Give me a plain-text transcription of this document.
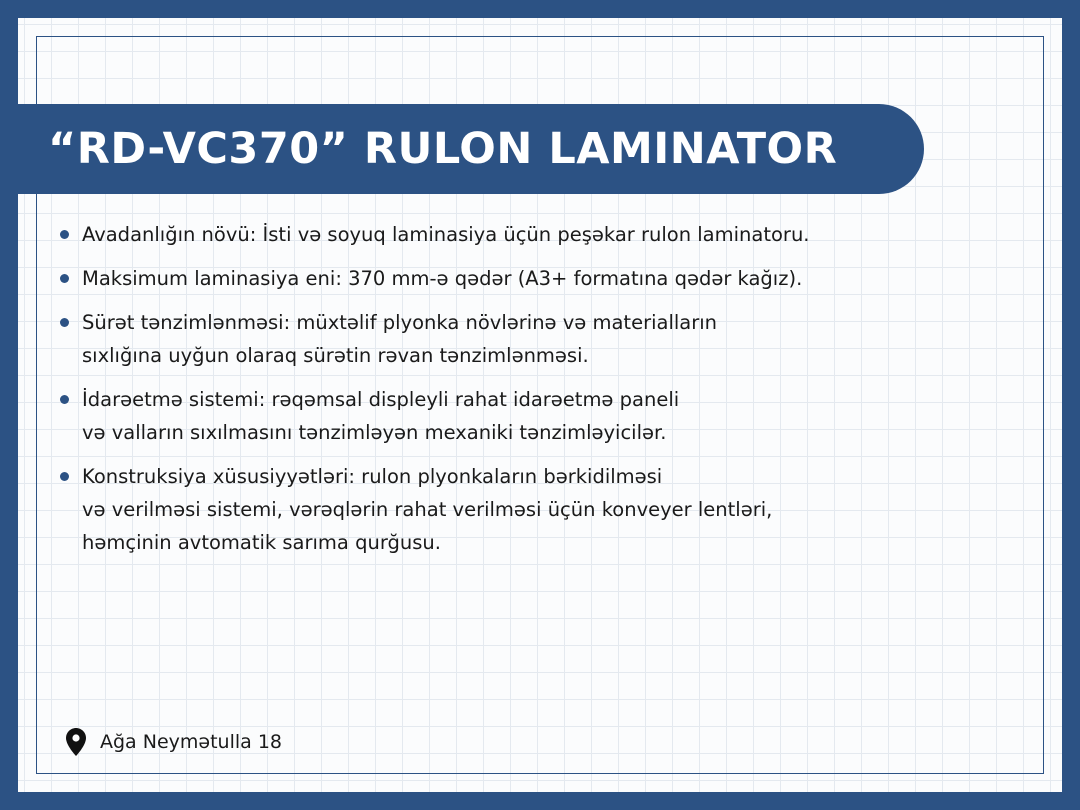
“RD-VC370” RULON LAMINATOR
Avadanlığın növü: İsti və soyuq laminasiya üçün peşəkar rulon laminatoru.
Maksimum laminasiya eni: 370 mm-ə qədər (A3+ formatına qədər kağız).
Sürət tənzimlənməsi: müxtəlif plyonka növlərinə və materialların
sıxlığına uyğun olaraq sürətin rəvan tənzimlənməsi.
İdarəetmə sistemi: rəqəmsal displeyli rahat idarəetmə paneli
və valların sıxılmasını tənzimləyən mexaniki tənzimləyicilər.
Konstruksiya xüsusiyyətləri: rulon plyonkaların bərkidilməsi
və verilməsi sistemi, vərəqlərin rahat verilməsi üçün konveyer lentləri,
həmçinin avtomatik sarıma qurğusu.
Ağa Neymətulla 18
